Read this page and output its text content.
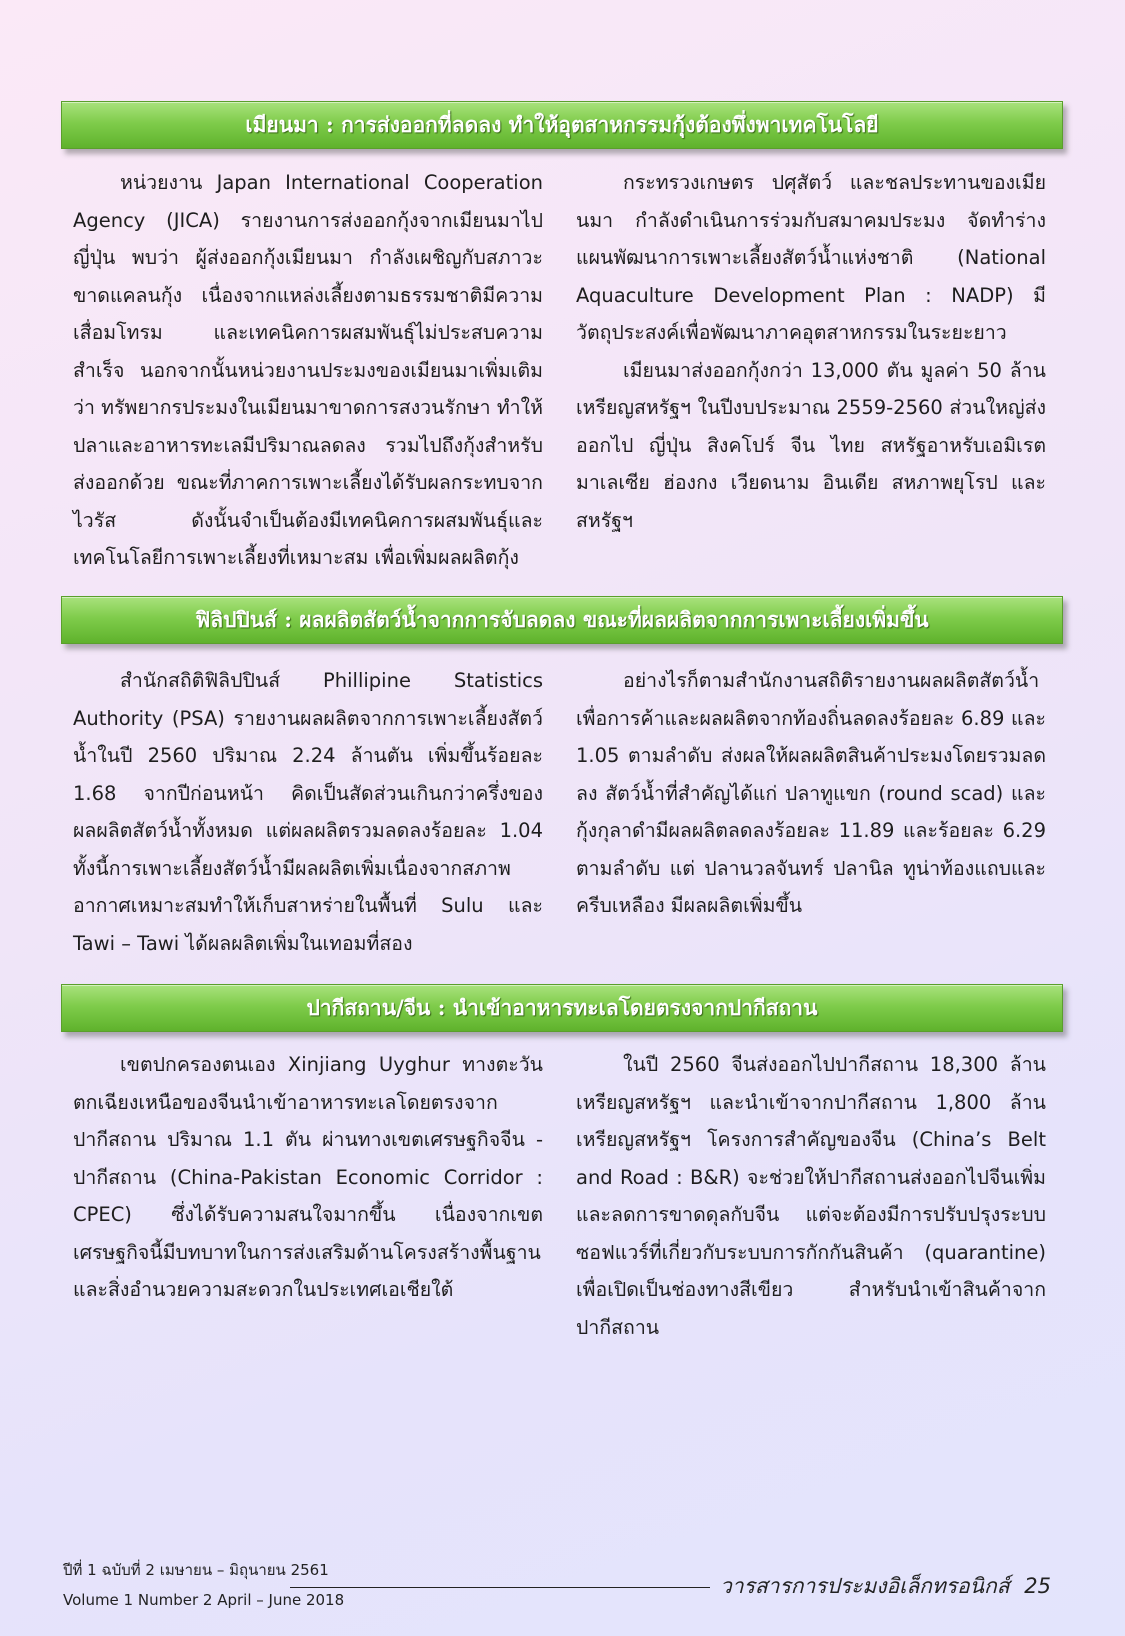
เมียนมา : การส่งออกที่ลดลง ทำให้อุตสาหกรรมกุ้งต้องพึ่งพาเทคโนโลยี

หน่วยงาน Japan International Cooperation Agency (JICA) รายงานการส่งออกกุ้งจากเมียนมาไปญี่ปุ่น พบว่า ผู้ส่งออกกุ้งเมียนมา กำลังเผชิญกับสภาวะขาดแคลนกุ้ง เนื่องจากแหล่งเลี้ยงตามธรรมชาติมีความเสื่อมโทรม และเทคนิคการผสมพันธุ์ไม่ประสบความสำเร็จ นอกจากนั้นหน่วยงานประมงของเมียนมาเพิ่มเติมว่า ทรัพยากรประมงในเมียนมาขาดการสงวนรักษา ทำให้ปลาและอาหารทะเลมีปริมาณลดลง รวมไปถึงกุ้งสำหรับส่งออกด้วย ขณะที่ภาคการเพาะเลี้ยงได้รับผลกระทบจากไวรัส ดังนั้นจำเป็นต้องมีเทคนิคการผสมพันธุ์และเทคโนโลยีการเพาะเลี้ยงที่เหมาะสม เพื่อเพิ่มผลผลิตกุ้ง

กระทรวงเกษตร ปศุสัตว์ และชลประทานของเมียนมา กำลังดำเนินการร่วมกับสมาคมประมง จัดทำร่างแผนพัฒนาการเพาะเลี้ยงสัตว์น้ำแห่งชาติ (National Aquaculture Development Plan : NADP) มีวัตถุประสงค์เพื่อพัฒนาภาคอุตสาหกรรมในระยะยาว

เมียนมาส่งออกกุ้งกว่า 13,000 ตัน มูลค่า 50 ล้านเหรียญสหรัฐฯ ในปีงบประมาณ 2559-2560 ส่วนใหญ่ส่งออกไป ญี่ปุ่น สิงคโปร์ จีน ไทย สหรัฐอาหรับเอมิเรต มาเลเซีย ฮ่องกง เวียดนาม อินเดีย สหภาพยุโรป และสหรัฐฯ

ฟิลิปปินส์ : ผลผลิตสัตว์น้ำจากการจับลดลง ขณะที่ผลผลิตจากการเพาะเลี้ยงเพิ่มขึ้น

สำนักสถิติฟิลิปปินส์ Phillipine Statistics Authority (PSA) รายงานผลผลิตจากการเพาะเลี้ยงสัตว์น้ำในปี 2560 ปริมาณ 2.24 ล้านตัน เพิ่มขึ้นร้อยละ 1.68 จากปีก่อนหน้า คิดเป็นสัดส่วนเกินกว่าครึ่งของผลผลิตสัตว์น้ำทั้งหมด แต่ผลผลิตรวมลดลงร้อยละ 1.04 ทั้งนี้การเพาะเลี้ยงสัตว์น้ำมีผลผลิตเพิ่มเนื่องจากสภาพอากาศเหมาะสมทำให้เก็บสาหร่ายในพื้นที่ Sulu และ Tawi – Tawi ได้ผลผลิตเพิ่มในเทอมที่สอง

อย่างไรก็ตามสำนักงานสถิติรายงานผลผลิตสัตว์น้ำเพื่อการค้าและผลผลิตจากท้องถิ่นลดลงร้อยละ 6.89 และ 1.05 ตามลำดับ ส่งผลให้ผลผลิตสินค้าประมงโดยรวมลดลง สัตว์น้ำที่สำคัญได้แก่ ปลาทูแขก (round scad) และกุ้งกุลาดำมีผลผลิตลดลงร้อยละ 11.89 และร้อยละ 6.29 ตามลำดับ แต่ ปลานวลจันทร์ ปลานิล ทูน่าท้องแถบและครีบเหลือง มีผลผลิตเพิ่มขึ้น

ปากีสถาน/จีน : นำเข้าอาหารทะเลโดยตรงจากปากีสถาน

เขตปกครองตนเอง Xinjiang Uyghur ทางตะวันตกเฉียงเหนือของจีนนำเข้าอาหารทะเลโดยตรงจากปากีสถาน ปริมาณ 1.1 ตัน ผ่านทางเขตเศรษฐกิจจีน - ปากีสถาน (China-Pakistan Economic Corridor : CPEC) ซึ่งได้รับความสนใจมากขึ้น เนื่องจากเขตเศรษฐกิจนี้มีบทบาทในการส่งเสริมด้านโครงสร้างพื้นฐานและสิ่งอำนวยความสะดวกในประเทศเอเชียใต้

ในปี 2560 จีนส่งออกไปปากีสถาน 18,300 ล้านเหรียญสหรัฐฯ และนำเข้าจากปากีสถาน 1,800 ล้านเหรียญสหรัฐฯ โครงการสำคัญของจีน (China’s Belt and Road : B&R) จะช่วยให้ปากีสถานส่งออกไปจีนเพิ่มและลดการขาดดุลกับจีน แต่จะต้องมีการปรับปรุงระบบซอฟแวร์ที่เกี่ยวกับระบบการกักกันสินค้า (quarantine) เพื่อเปิดเป็นช่องทางสีเขียว สำหรับนำเข้าสินค้าจากปากีสถาน

ปีที่ 1 ฉบับที่ 2 เมษายน – มิถุนายน 2561
Volume 1 Number 2 April – June 2018
วารสารการประมงอิเล็กทรอนิกส์ 25
